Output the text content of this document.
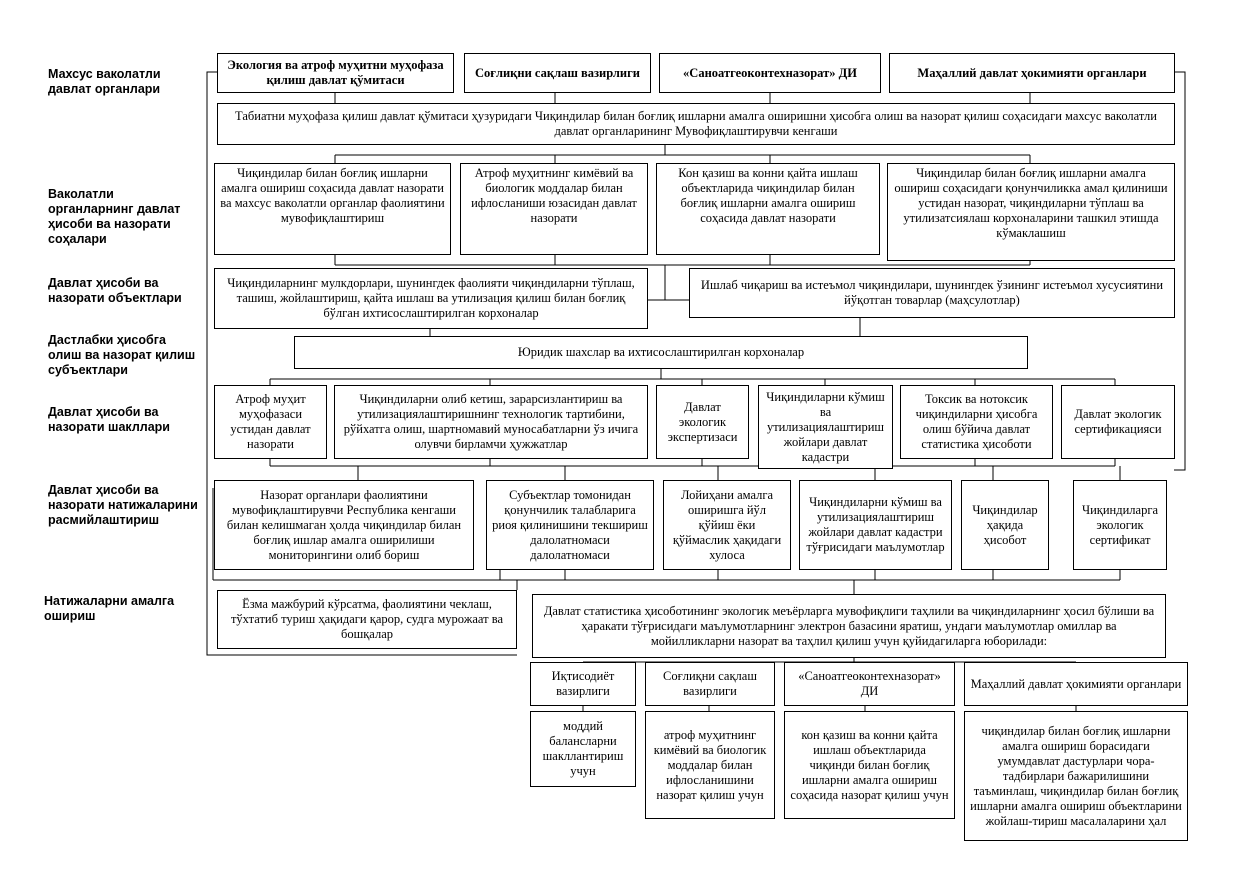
Махсус ваколатли давлат органлари
Ваколатли органларнинг давлат ҳисоби ва назорати соҳалари
Давлат ҳисоби ва назорати объектлари
Дастлабки ҳисобга олиш ва назорат қилиш субъектлари
Давлат ҳисоби ва назорати шакллари
Давлат ҳисоби ва назорати натижаларини расмийлаштириш
Натижаларни амалга ошириш
Экология ва атроф муҳитни муҳофаза қилиш давлат қўмитаси
Соғлиқни сақлаш вазирлиги	«Саноатгеоконтехназорат» ДИ	Маҳаллий давлат ҳокимияти органлари
Табиатни муҳофаза қилиш давлат қўмитаси ҳузуридаги Чиқиндилар билан боғлиқ ишларни амалга оширишни ҳисобга олиш ва назорат қилиш соҳасидаги махсус ваколатли давлат органларининг Мувофиқлаштирувчи кенгаши
Чиқиндилар билан боғлиқ ишларни амалга ошириш соҳасида давлат назорати ва махсус ваколатли органлар фаолиятини мувофиқлаштириш
Атроф муҳитнинг кимёвий ва биологик моддалар билан ифлосланиши юзасидан давлат назорати
Кон қазиш ва конни қайта ишлаш объектларида чиқиндилар билан боғлиқ ишларни амалга ошириш соҳасида давлат назорати
Чиқиндилар билан боғлиқ ишларни амалга ошириш соҳасидаги қонунчиликка амал қилиниши устидан назорат, чиқиндиларни тўплаш ва утилизатсиялаш корхоналарини ташкил этишда кўмаклашиш
Чиқиндиларнинг мулкдорлари, шунингдек фаолияти чиқиндиларни тўплаш, ташиш, жойлаштириш, қайта ишлаш ва утилизация қилиш билан боғлиқ бўлган ихтисослаштирилган корхоналар
Ишлаб чиқариш ва истеъмол чиқиндилари, шунингдек ўзининг истеъмол хусусиятини йўқотган товарлар (маҳсулотлар)
Юридик шахслар ва ихтисослаштирилган корхоналар
Атроф муҳит муҳофазаси устидан давлат назорати
Чиқиндиларни олиб кетиш, зарарсизлантириш ва утилизациялаштиришнинг технологик тартибини, рўйхатга олиш, шартномавий муносабатларни ўз ичига олувчи бирламчи ҳужжатлар
Давлат экологик экспертизаси
Чиқиндиларни кўмиш ва утилизациялаштириш жойлари давлат кадастри
Токсик ва нотоксик чиқиндиларни ҳисобга олиш бўйича давлат статистика ҳисоботи
Давлат экологик сертификацияси
Назорат органлари фаолиятини мувофиқлаштирувчи Республика кенгаши билан келишмаган ҳолда чиқиндилар билан боғлиқ ишлар амалга оширилиши мониторингини олиб бориш
Субъектлар томонидан қонунчилик талабларига риоя қилинишини текшириш далолатномаси далолатномаси
Лойиҳани амалга оширишга йўл қўйиш ёки қўймаслик ҳақидаги хулоса
Чиқиндиларни кўмиш ва утилизациялаштириш жойлари давлат кадастри тўғрисидаги маълумотлар
Чиқиндилар ҳақида ҳисобот
Чиқиндиларга экологик сертификат
Ёзма мажбурий кўрсатма, фаолиятини чеклаш, тўхтатиб туриш ҳақидаги қарор, судга мурожаат ва бошқалар
Давлат статистика ҳисоботининг экологик меъёрларга мувофиқлиги таҳлили ва чиқиндиларнинг ҳосил бўлиши ва ҳаракати тўғрисидаги маълумотларнинг электрон базасини яратиш, ундаги маълумотлар омиллар ва мойилликларни назорат ва таҳлил қилиш учун қуйидагиларга юборилади:
Иқтисодиёт вазирлиги
Соғлиқни сақлаш вазирлиги
«Саноатгеоконтехназорат» ДИ
Маҳаллий давлат ҳокимияти органлари
моддий балансларни шакллантириш учун
атроф муҳитнинг кимёвий ва биологик моддалар билан ифлосланишини назорат қилиш учун
кон қазиш ва конни қайта ишлаш объектларида чиқинди билан боғлиқ ишларни амалга ошириш соҳасида назорат қилиш учун
чиқиндилар билан боғлиқ ишларни амалга ошириш борасидаги умумдавлат дастурлари чора-тадбирлари бажарилишини таъминлаш, чиқиндилар билан боғлиқ ишларни амалга ошириш объектларини жойлаш-тириш масалаларини ҳал
